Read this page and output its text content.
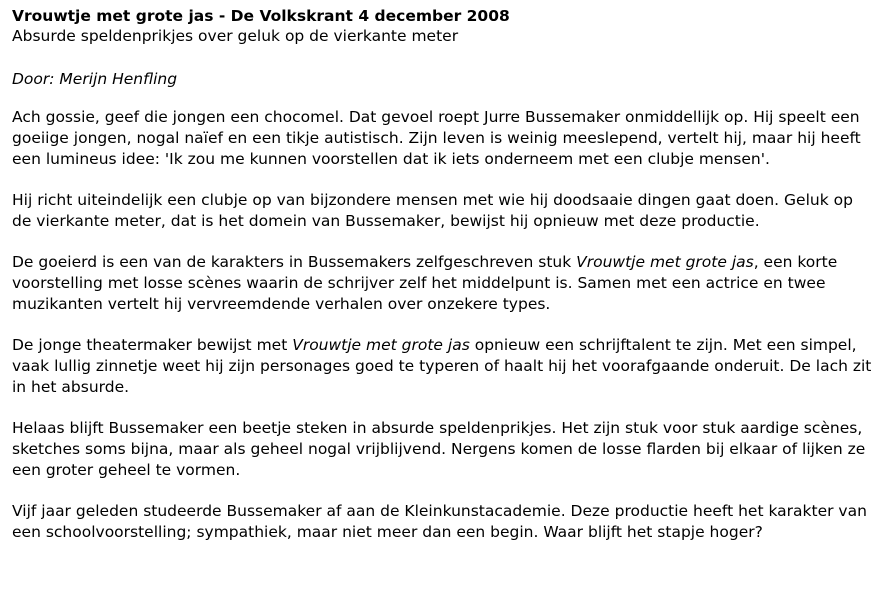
Vrouwtje met grote jas - De Volkskrant 4 december 2008

Absurde speldenprikjes over geluk op de vierkante meter

Door: Merijn Henfling

Ach gossie, geef die jongen een chocomel. Dat gevoel roept Jurre Bussemaker onmiddellijk op. Hij speelt een goeiige jongen, nogal naïef en een tikje autistisch. Zijn leven is weinig meeslepend, vertelt hij, maar hij heeft een lumineus idee: 'Ik zou me kunnen voorstellen dat ik iets onderneem met een clubje mensen'.

Hij richt uiteindelijk een clubje op van bijzondere mensen met wie hij doodsaaie dingen gaat doen. Geluk op de vierkante meter, dat is het domein van Bussemaker, bewijst hij opnieuw met deze productie.

De goeierd is een van de karakters in Bussemakers zelfgeschreven stuk Vrouwtje met grote jas, een korte voorstelling met losse scènes waarin de schrijver zelf het middelpunt is. Samen met een actrice en twee muzikanten vertelt hij vervreemdende verhalen over onzekere types.

De jonge theatermaker bewijst met Vrouwtje met grote jas opnieuw een schrijftalent te zijn. Met een simpel, vaak lullig zinnetje weet hij zijn personages goed te typeren of haalt hij het voorafgaande onderuit. De lach zit in het absurde.

Helaas blijft Bussemaker een beetje steken in absurde speldenprikjes. Het zijn stuk voor stuk aardige scènes, sketches soms bijna, maar als geheel nogal vrijblijvend. Nergens komen de losse flarden bij elkaar of lijken ze een groter geheel te vormen.

Vijf jaar geleden studeerde Bussemaker af aan de Kleinkunstacademie. Deze productie heeft het karakter van een schoolvoorstelling; sympathiek, maar niet meer dan een begin. Waar blijft het stapje hoger?
